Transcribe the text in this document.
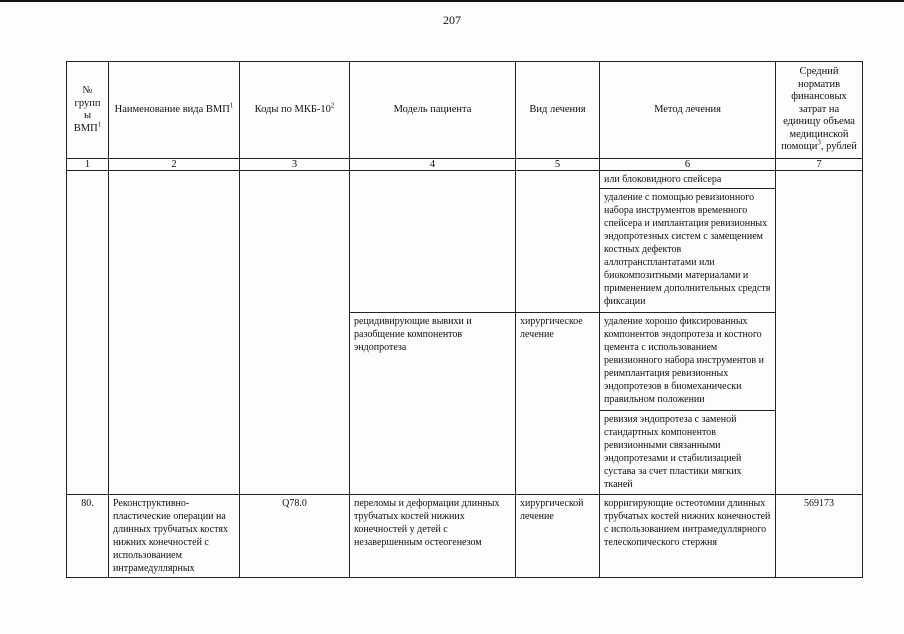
207
№ групп ы ВМП$^1$	Наименование вида ВМП$^1$	Коды по МКБ-$10^2$	Модель пациента	Вид лечения	Метод лечения	Средний норматив финансовых затрат на единицу объема медицинской помощи$^3$, рублей
1	2	3	4	5	6	7
					или блоковидного спейсера	
					удаление с помощью ревизионного набора инструментов временного спейсера и имплантация ревизионных эндопротезных систем с замещением костных дефектов аллотрансплантатами или биокомпозитными материалами и применением дополнительных средств фиксации	
			рецидивирующие вывихи и разобщение компонентов эндопротеза	хирургическое лечение	удаление хорошо фиксированных компонентов эндопротеза и костного цемента с использованием ревизионного набора инструментов и реимплантация ревизионных эндопротезов в биомеханически правильном положении	
					ревизия эндопротеза с заменой стандартных компонентов ревизионными связанными эндопротезами и стабилизацией сустава за счет пластики мягких тканей	
80.	Реконструктивно-пластические операции на длинных трубчатых костях нижних конечностей с использованием интрамедуллярных	Q78.0	переломы и деформации длинных трубчатых костей нижних конечностей у детей с незавершенным остеогенезом	хирургической лечение	корригирующие остеотомии длинных трубчатых костей нижних конечностей с использованием интрамедуллярного телескопического стержня	569173
